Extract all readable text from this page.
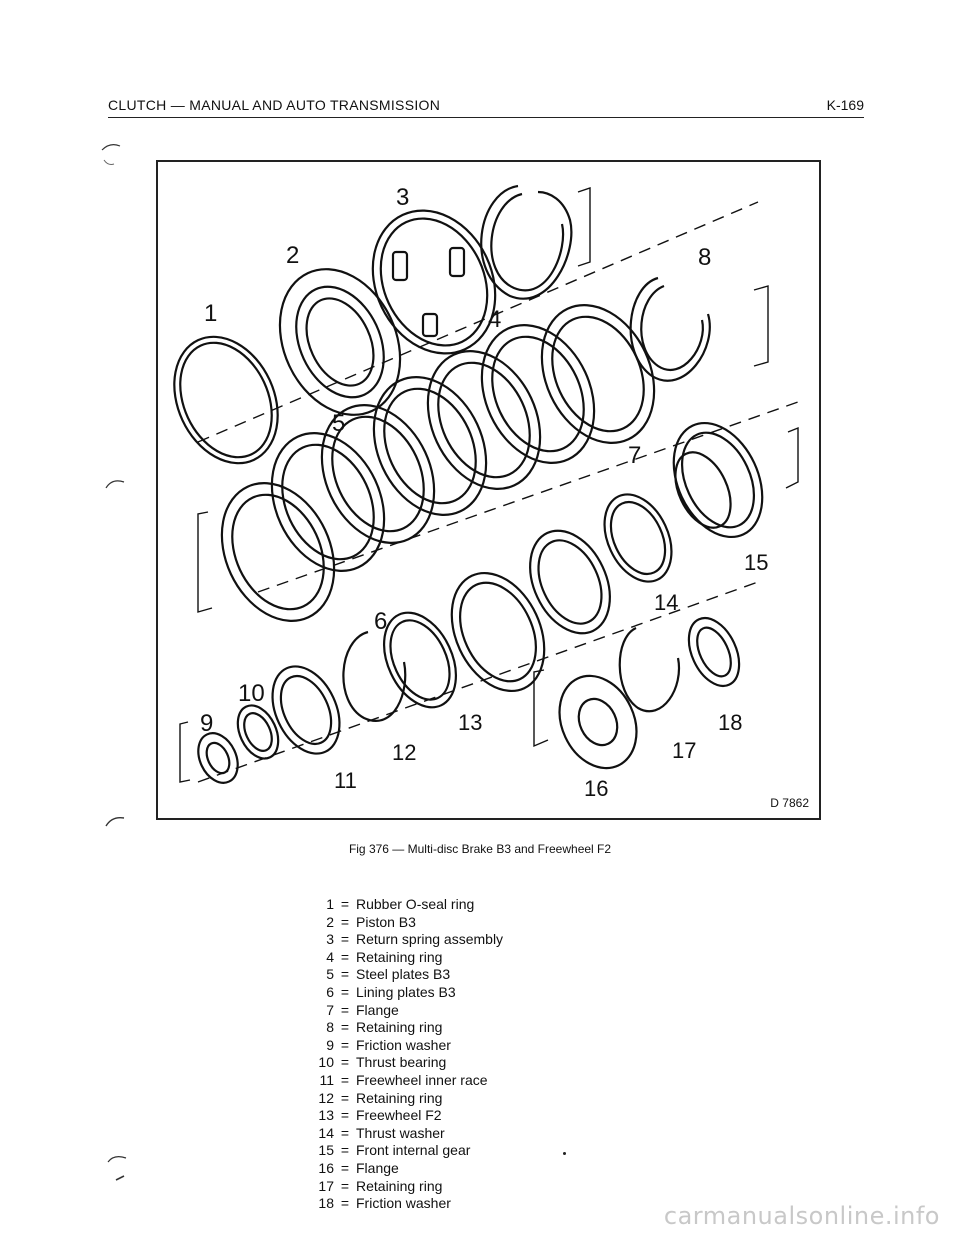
CLUTCH — MANUAL AND AUTO TRANSMISSION	K-169
3
2
1	4
8
5
7
15
14
6
10
9	13	18
12	17
11	16
D 7862
Fig 376 — Multi-disc Brake B3 and Freewheel F2
1 = Rubber O-seal ring
2 = Piston B3
3 = Return spring assembly
4 = Retaining ring
5 = Steel plates B3
6 = Lining plates B3
7 = Flange
8 = Retaining ring
9 = Friction washer
10 = Thrust bearing
11 = Freewheel inner race
12 = Retaining ring
13 = Freewheel F2
14 = Thrust washer
15 = Front internal gear
16 = Flange
17 = Retaining ring
18 = Friction washer	carmanualsonline.info
